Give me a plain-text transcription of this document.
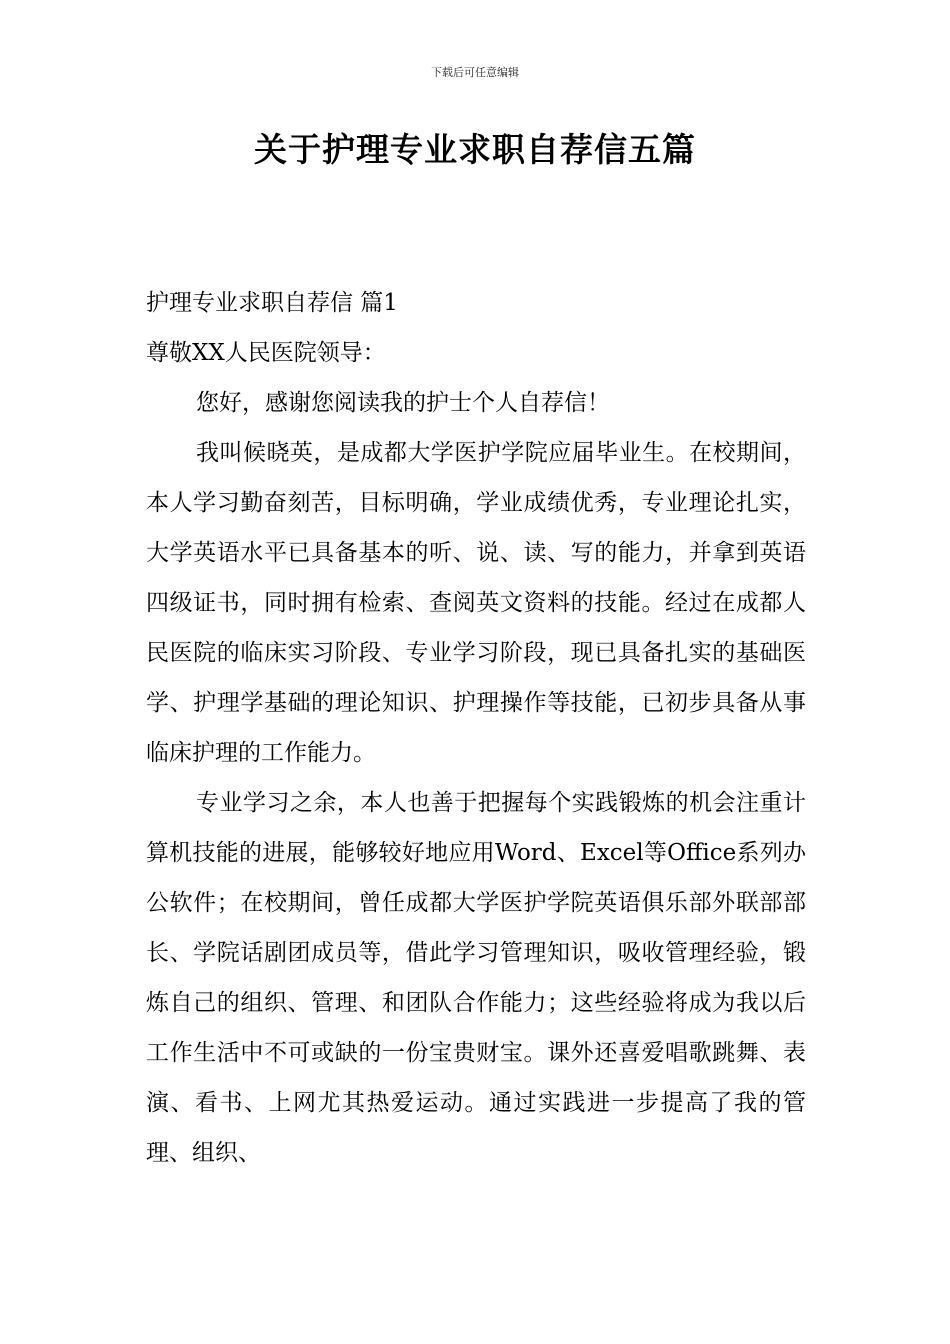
下载后可任意编辑
关于护理专业求职自荐信五篇

护理专业求职自荐信 篇1

尊敬XX人民医院领导：

您好，感谢您阅读我的护士个人自荐信！

我叫候晓英，是成都大学医护学院应届毕业生。在校期间，本人学习勤奋刻苦，目标明确，学业成绩优秀，专业理论扎实，大学英语水平已具备基本的听、说、读、写的能力，并拿到英语四级证书，同时拥有检索、查阅英文资料的技能。经过在成都人民医院的临床实习阶段、专业学习阶段，现已具备扎实的基础医学、护理学基础的理论知识、护理操作等技能，已初步具备从事临床护理的工作能力。

专业学习之余，本人也善于把握每个实践锻炼的机会注重计算机技能的进展，能够较好地应用Word、Excel等Office系列办公软件；在校期间，曾任成都大学医护学院英语俱乐部外联部部长、学院话剧团成员等，借此学习管理知识，吸收管理经验，锻炼自己的组织、管理、和团队合作能力；这些经验将成为我以后工作生活中不可或缺的一份宝贵财宝。课外还喜爱唱歌跳舞、表演、看书、上网尤其热爱运动。通过实践进一步提高了我的管理、组织、
